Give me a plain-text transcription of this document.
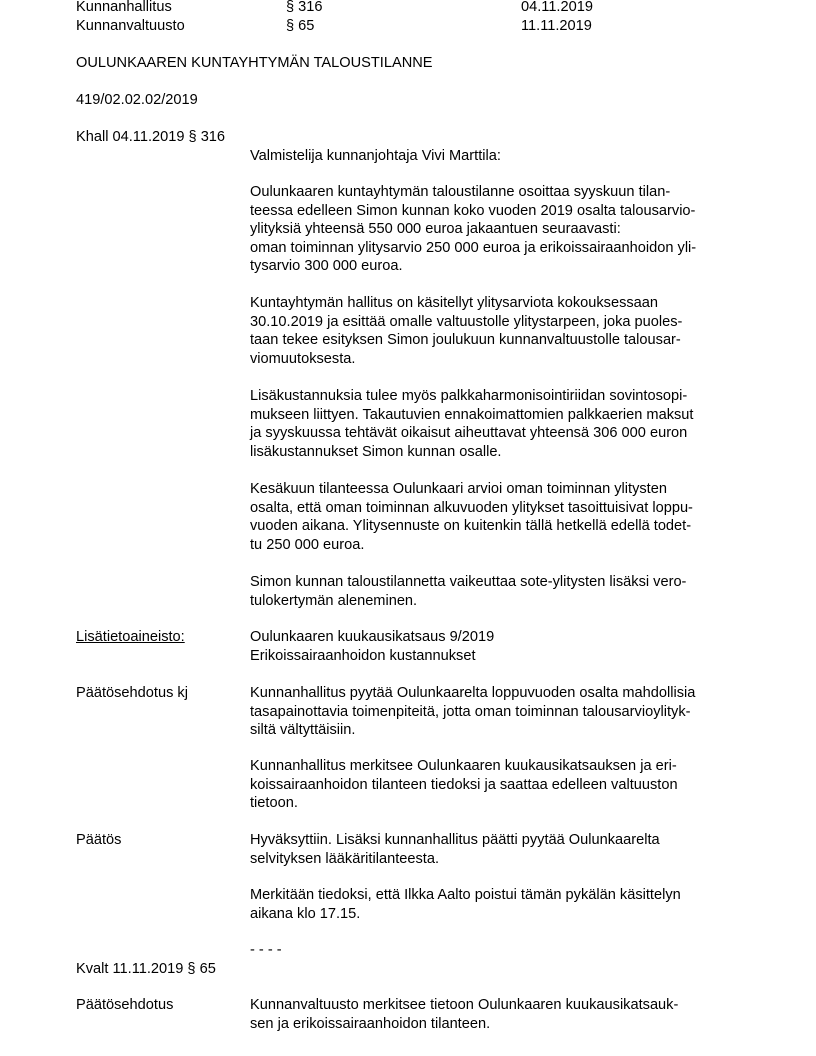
Kunnanhallitus	§ 316	04.11.2019
Kunnanvaltuusto	§ 65	11.11.2019
OULUNKAAREN KUNTAYHTYMÄN TALOUSTILANNE
419/02.02.02/2019
Khall 04.11.2019 § 316
Valmistelija kunnanjohtaja Vivi Marttila:
Oulunkaaren kuntayhtymän taloustilanne osoittaa syyskuun tilan-
teessa edelleen Simon kunnan koko vuoden 2019 osalta talousarvio-
ylityksiä yhteensä 550 000 euroa jakaantuen seuraavasti:
oman toiminnan ylitysarvio 250 000 euroa ja erikoissairaanhoidon yli-
tysarvio 300 000 euroa.
Kuntayhtymän hallitus on käsitellyt ylitysarviota kokouksessaan
30.10.2019 ja esittää omalle valtuustolle ylitystarpeen, joka puoles-
taan tekee esityksen Simon joulukuun kunnanvaltuustolle talousar-
viomuutoksesta.
Lisäkustannuksia tulee myös palkkaharmonisointiriidan sovintosopi-
mukseen liittyen. Takautuvien ennakoimattomien palkkaerien maksut
ja syyskuussa tehtävät oikaisut aiheuttavat yhteensä 306 000 euron
lisäkustannukset Simon kunnan osalle.
Kesäkuun tilanteessa Oulunkaari arvioi oman toiminnan ylitysten
osalta, että oman toiminnan alkuvuoden ylitykset tasoittuisivat loppu-
vuoden aikana. Ylitysennuste on kuitenkin tällä hetkellä edellä todet-
tu 250 000 euroa.
Simon kunnan taloustilannetta vaikeuttaa sote-ylitysten lisäksi vero-
tulokertymän aleneminen.
Lisätietoaineisto:	Oulunkaaren kuukausikatsaus 9/2019
Erikoissairaanhoidon kustannukset
Päätösehdotus kj	Kunnanhallitus pyytää Oulunkaarelta loppuvuoden osalta mahdollisia
tasapainottavia toimenpiteitä, jotta oman toiminnan talousarvioylityk-
siltä vältyttäisiin.
Kunnanhallitus merkitsee Oulunkaaren kuukausikatsauksen ja eri-
koissairaanhoidon tilanteen tiedoksi ja saattaa edelleen valtuuston
tietoon.
Päätös	Hyväksyttiin. Lisäksi kunnanhallitus päätti pyytää Oulunkaarelta
selvityksen lääkäritilanteesta.
Merkitään tiedoksi, että Ilkka Aalto poistui tämän pykälän käsittelyn
aikana klo 17.15.
- - - -
Kvalt 11.11.2019 § 65
Päätösehdotus	Kunnanvaltuusto merkitsee tietoon Oulunkaaren kuukausikatsauk-
sen ja erikoissairaanhoidon tilanteen.
